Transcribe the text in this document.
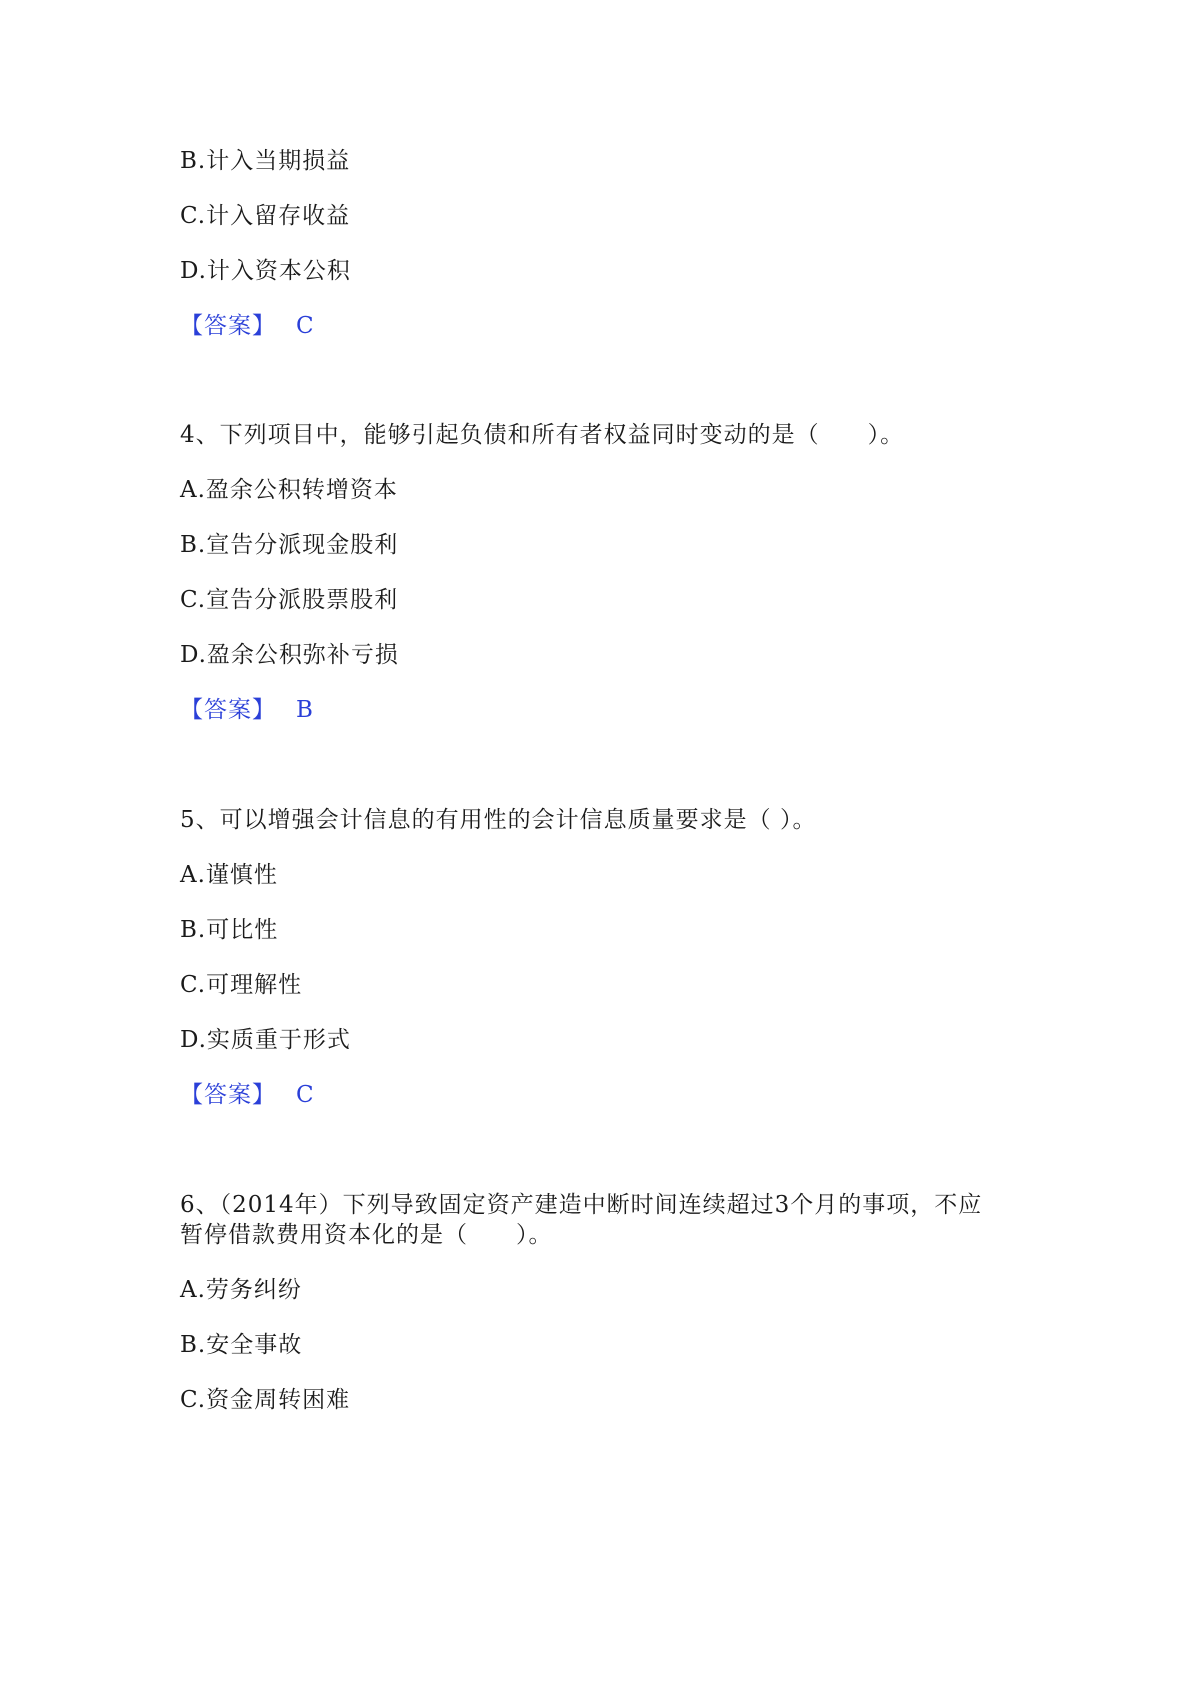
B.计入当期损益
C.计入留存收益
D.计入资本公积
【答案】 C
4、下列项目中，能够引起负债和所有者权益同时变动的是（　　）。
A.盈余公积转增资本
B.宣告分派现金股利
C.宣告分派股票股利
D.盈余公积弥补亏损
【答案】 B
5、可以增强会计信息的有用性的会计信息质量要求是（ ）。
A.谨慎性
B.可比性
C.可理解性
D.实质重于形式
【答案】 C
6、（2014年）下列导致固定资产建造中断时间连续超过3个月的事项，不应
暂停借款费用资本化的是（　　）。
A.劳务纠纷
B.安全事故
C.资金周转困难
